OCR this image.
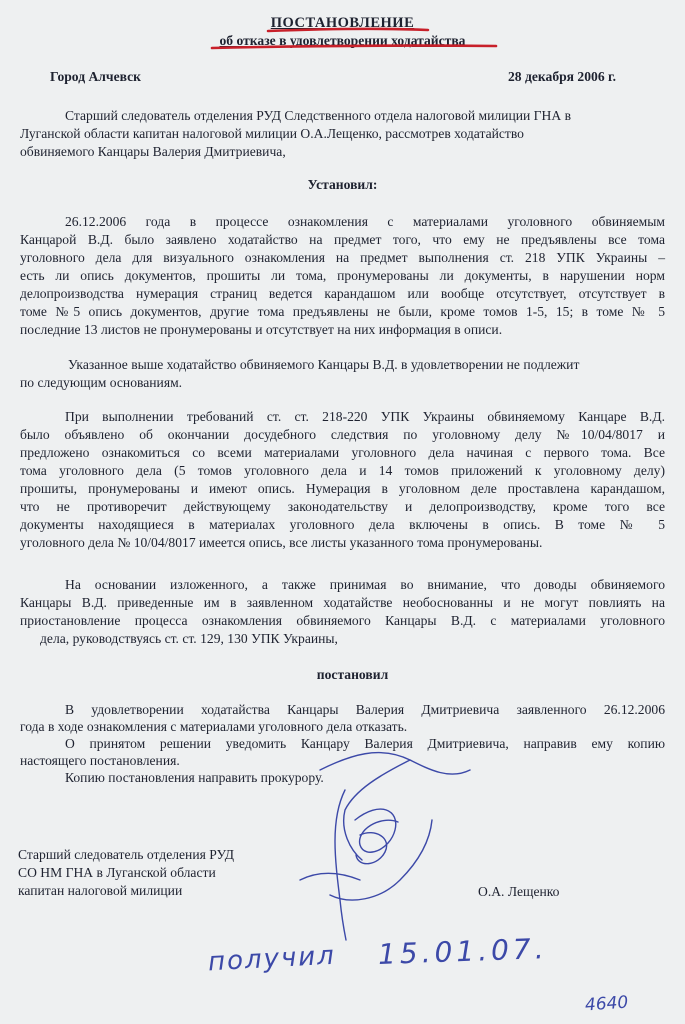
ПОСТАНОВЛЕНИЕ

об отказе в удовлетворении ходатайства

Город Алчевск	28 декабря 2006 г.

Старший следователь отделения РУД Следственного отдела налоговой милиции ГНА в
Луганской области капитан налоговой милиции О.А.Лещенко, рассмотрев ходатайство
обвиняемого Канцары Валерия Дмитриевича,

Установил:

26.12.2006 года в процессе ознакомления с материалами уголовного обвиняемым
Канцарой В.Д. было заявлено ходатайство на предмет того, что ему не предъявлены все тома
уголовного дела для визуального ознакомления на предмет выполнения ст. 218 УПК Украины –
есть ли опись документов, прошиты ли тома, пронумерованы ли документы, в нарушении норм
делопроизводства нумерация страниц ведется карандашом или вообще отсутствует, отсутствует в
томе №5 опись документов, другие тома предъявлены не были, кроме томов 1-5, 15; в томе № 5
последние 13 листов не пронумерованы и отсутствует на них информация в описи.
Указанное выше ходатайство обвиняемого Канцары В.Д. в удовлетворении не подлежит
по следующим основаниям.
При выполнении требований ст. ст. 218-220 УПК Украины обвиняемому Канцаре В.Д.
было объявлено об окончании досудебного следствия по уголовному делу №10/04/8017 и
предложено ознакомиться со всеми материалами уголовного дела начиная с первого тома. Все
тома уголовного дела (5 томов уголовного дела и 14 томов приложений к уголовному делу)
прошиты, пронумерованы и имеют опись. Нумерация в уголовном деле проставлена карандашом,
что не противоречит действующему законодательству и делопроизводству, кроме того все
документы находящиеся в материалах уголовного дела включены в опись. В томе № 5
уголовного дела № 10/04/8017 имеется опись, все листы указанного тома пронумерованы.
На основании изложенного, а также принимая во внимание, что доводы обвиняемого
Канцары В.Д. приведенные им в заявленном ходатайстве необоснованны и не могут повлиять на
приостановление процесса ознакомления обвиняемого Канцары В.Д. с материалами уголовного
дела, руководствуясь ст. ст. 129, 130 УПК Украины,

постановил

В удовлетворении ходатайства Канцары Валерия Дмитриевича заявленного 26.12.2006
года в ходе ознакомления с материалами уголовного дела отказать.
О принятом решении уведомить Канцару Валерия Дмитриевича, направив ему копию
настоящего постановления.
Копию постановления направить прокурору.
Старший следователь отделения РУД
СО НМ ГНА в Луганской области
капитан налоговой милиции	О.А. Лещенко

получил 15.01.07.

4640
